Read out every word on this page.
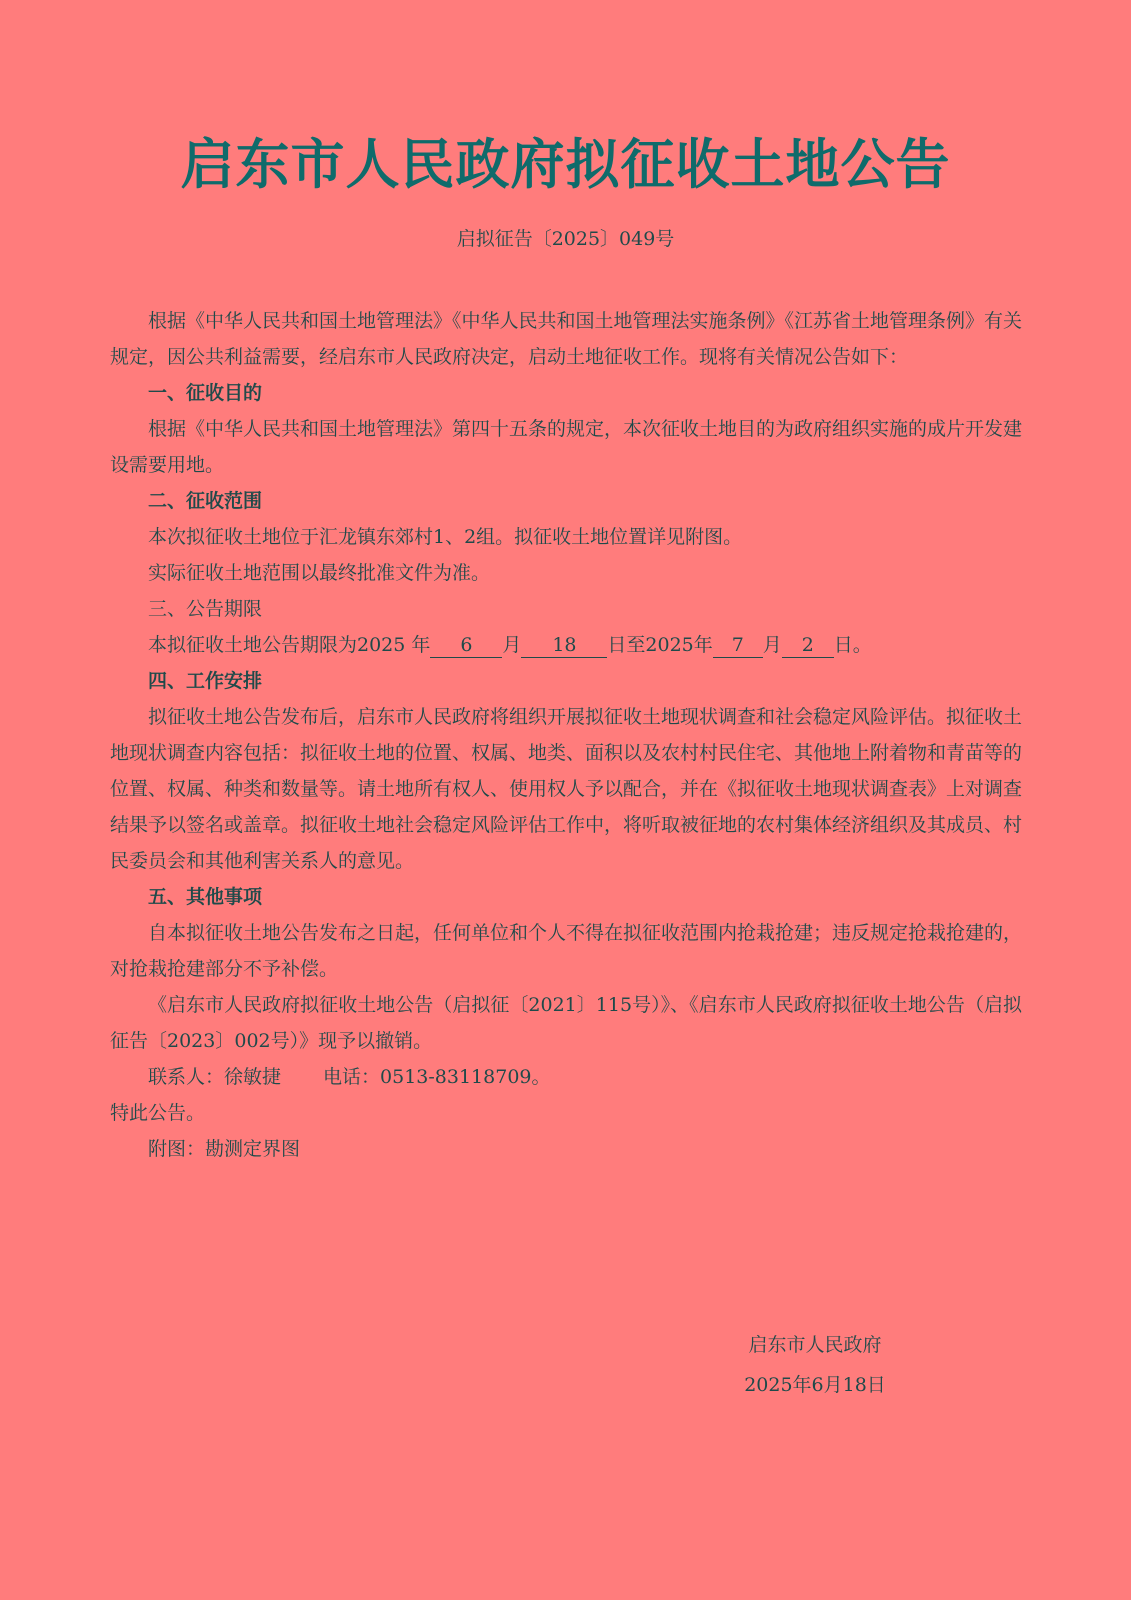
启东市人民政府拟征收土地公告
启拟征告〔2025〕049号

根据《中华人民共和国土地管理法》《中华人民共和国土地管理法实施条例》《江苏省土地管理条例》有关规定，因公共利益需要，经启东市人民政府决定，启动土地征收工作。现将有关情况公告如下：

一、征收目的

根据《中华人民共和国土地管理法》第四十五条的规定，本次征收土地目的为政府组织实施的成片开发建设需要用地。

二、征收范围

本次拟征收土地位于汇龙镇东郊村1、2组。拟征收土地位置详见附图。

实际征收土地范围以最终批准文件为准。

三、公告期限

本拟征收土地公告期限为2025 年 6 月 18 日至2025年 7 月 2 日。

四、工作安排

拟征收土地公告发布后，启东市人民政府将组织开展拟征收土地现状调查和社会稳定风险评估。拟征收土地现状调查内容包括：拟征收土地的位置、权属、地类、面积以及农村村民住宅、其他地上附着物和青苗等的位置、权属、种类和数量等。请土地所有权人、使用权人予以配合，并在《拟征收土地现状调查表》上对调查结果予以签名或盖章。拟征收土地社会稳定风险评估工作中，将听取被征地的农村集体经济组织及其成员、村民委员会和其他利害关系人的意见。

五、其他事项

自本拟征收土地公告发布之日起，任何单位和个人不得在拟征收范围内抢栽抢建；违反规定抢栽抢建的，对抢栽抢建部分不予补偿。

《启东市人民政府拟征收土地公告（启拟征〔2021〕115号）》、《启东市人民政府拟征收土地公告（启拟征告〔2023〕002号）》现予以撤销。

联系人：徐敏捷 电话：0513-83118709。

特此公告。

附图：勘测定界图

启东市人民政府
2025年6月18日
